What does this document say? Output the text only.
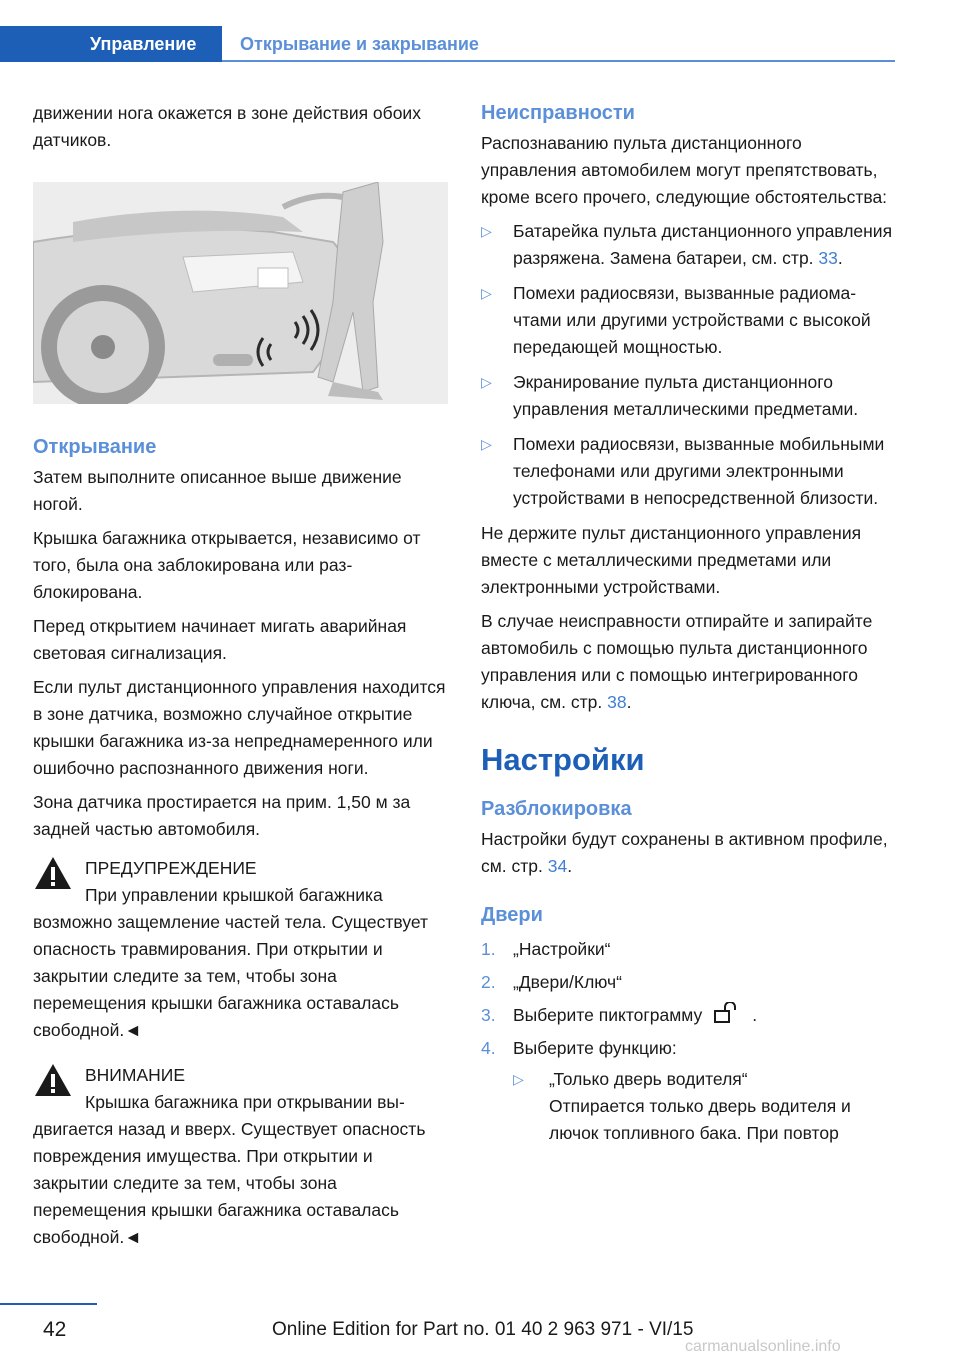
Управление Открывание и закрывание

движении нога окажется в зоне действия обоих датчиков.

Открывание

Затем выполните описанное выше движение ногой.

Крышка багажника открывается, независимо от того, была она заблокирована или разблокирована.

Перед открытием начинает мигать аварийная световая сигнализация.

Если пульт дистанционного управления находится в зоне датчика, возможно случайное открытие крышки багажника из-за непреднамеренного или ошибочно распознанного движения ноги.

Зона датчика простирается на прим. 1,50 м за задней частью автомобиля.

ПРЕДУПРЕЖДЕНИЕ
При управлении крышкой багажника возможно защемление частей тела. Существует опасность травмирования. При открытии и закрытии следите за тем, чтобы зона перемещения крышки багажника оставалась свободной.◄
ВНИМАНИЕ
Крышка багажника при открывании выдвигается назад и вверх. Существует опасность повреждения имущества. При открытии и закрытии следите за тем, чтобы зона перемещения крышки багажника оставалась свободной.◄
Неисправности

Распознаванию пульта дистанционного управления автомобилем могут препятствовать, кроме всего прочего, следующие обстоятельства:

▷ Батарейка пульта дистанционного управления разряжена. Замена батареи, см. стр. 33.
▷ Помехи радиосвязи, вызванные радиомачтами или другими устройствами с высокой передающей мощностью.
▷ Экранирование пульта дистанционного управления металлическими предметами.
▷ Помехи радиосвязи, вызванные мобильными телефонами или другими электронными устройствами в непосредственной близости.

Не держите пульт дистанционного управления вместе с металлическими предметами или электронными устройствами.

В случае неисправности отпирайте и запирайте автомобиль с помощью пульта дистанционного управления или с помощью интегрированного ключа, см. стр. 38.

Настройки
Разблокировка

Настройки будут сохранены в активном профиле, см. стр. 34.

Двери
1. „Настройки“
2. „Двери/Ключ“
3. Выберите пиктограмму	.
4. Выберите функцию:
▷ „Только дверь водителя“
Отпирается только дверь водителя и лючок топливного бака. При повтор
42	Online Edition for Part no. 01 40 2 963 971 - VI/15
carmanualsonline.info
